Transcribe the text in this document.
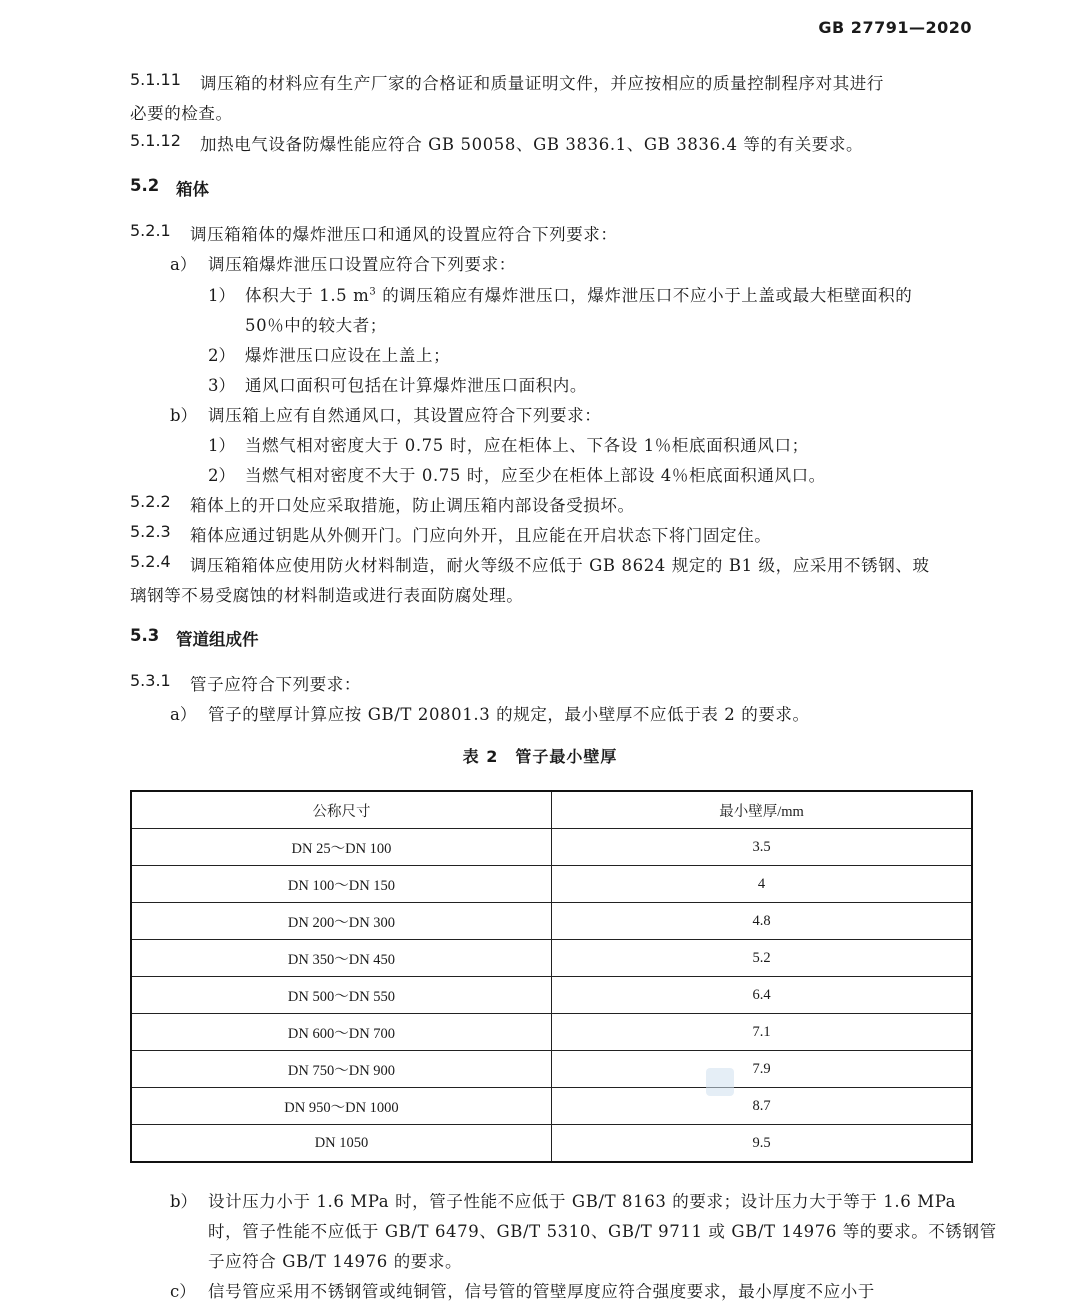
GB 27791—2020
5.1.11 调压箱的材料应有生产厂家的合格证和质量证明文件，并应按相应的质量控制程序对其进行
必要的检查。
5.1.12 加热电气设备防爆性能应符合 GB 50058、GB 3836.1、GB 3836.4 等的有关要求。
5.2 箱体
5.2.1 调压箱箱体的爆炸泄压口和通风的设置应符合下列要求：
a） 调压箱爆炸泄压口设置应符合下列要求：
1） 体积大于 1.5 $m^3$ 的调压箱应有爆炸泄压口，爆炸泄压口不应小于上盖或最大柜壁面积的
50％中的较大者；
2） 爆炸泄压口应设在上盖上；
3） 通风口面积可包括在计算爆炸泄压口面积内。
b） 调压箱上应有自然通风口，其设置应符合下列要求：
1） 当燃气相对密度大于 0.75 时，应在柜体上、下各设 1％柜底面积通风口；
2） 当燃气相对密度不大于 0.75 时，应至少在柜体上部设 4％柜底面积通风口。
5.2.2 箱体上的开口处应采取措施，防止调压箱内部设备受损坏。
5.2.3 箱体应通过钥匙从外侧开门。门应向外开，且应能在开启状态下将门固定住。
5.2.4 调压箱箱体应使用防火材料制造，耐火等级不应低于 GB 8624 规定的 B1 级，应采用不锈钢、玻
璃钢等不易受腐蚀的材料制造或进行表面防腐处理。
5.3 管道组成件
5.3.1 管子应符合下列要求：
a） 管子的壁厚计算应按 GB/T 20801.3 的规定，最小壁厚不应低于表 2 的要求。
表 2　管子最小壁厚
公称尺寸	最小壁厚/mm
DN 25～DN 100	3.5
DN 100～DN 150	4
DN 200～DN 300	4.8
DN 350～DN 450	5.2
DN 500～DN 550	6.4
DN 600～DN 700	7.1
DN 750～DN 900	7.9
DN 950～DN 1000	8.7
DN 1050	9.5
b） 设计压力小于 1.6 MPa 时，管子性能不应低于 GB/T 8163 的要求；设计压力大于等于 1.6 MPa
时，管子性能不应低于 GB/T 6479、GB/T 5310、GB/T 9711 或 GB/T 14976 等的要求。不锈钢管
子应符合 GB/T 14976 的要求。
c） 信号管应采用不锈钢管或纯铜管，信号管的管壁厚度应符合强度要求，最小厚度不应小于
